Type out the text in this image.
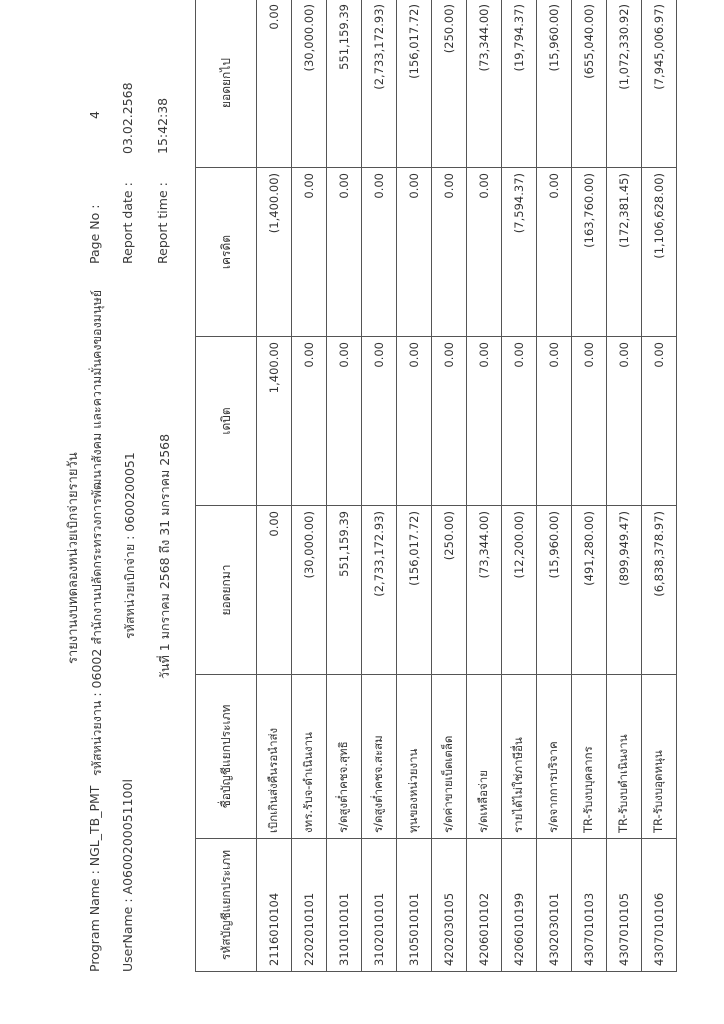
รายงานงบทดลองหน่วยเบิกจ่ายรายวัน
Program Name : NGL_TB_PMT
รหัสหน่วยงาน : 06002 สำนักงานปลัดกระทรวงการพัฒนาสังคม และความมั่นคงของมนุษย์
Page No :
4
UserName : A0600200051100l
รหัสหน่วยเบิกจ่าย : 0600200051
Report date :
03.02.2568
วันที่ 1 มกราคม 2568 ถึง 31 มกราคม 2568
Report time :
15:42:38
รหัสบัญชีแยกประเภท	ชื่อบัญชีแยกประเภท	ยอดยกมา	เดบิต	เครดิต	ยอดยกไป
2116010104	เบิกเกินส่งคืนรอนำส่ง	0.00	1,400.00	(1,400.00)	0.00
2202010101	งทร.รับจ-ดำเนินงาน	(30,000.00)	0.00	0.00	(30,000.00)
3101010101	ร/ดสูงต่ำคชจ.สุทธิ	551,159.39	0.00	0.00	551,159.39
3102010101	ร/ดสูงต่ำคชจ.สะสม	(2,733,172.93)	0.00	0.00	(2,733,172.93)
3105010101	ทุนของหน่วยงาน	(156,017.72)	0.00	0.00	(156,017.72)
4202030105	ร/ดค่าขายเบ็ดเตล็ด	(250.00)	0.00	0.00	(250.00)
4206010102	ร/ดเหลือจ่าย	(73,344.00)	0.00	0.00	(73,344.00)
4206010199	รายได้ไม่ใช่ภาษีอื่น	(12,200.00)	0.00	(7,594.37)	(19,794.37)
4302030101	ร/ดจากการบริจาค	(15,960.00)	0.00	0.00	(15,960.00)
4307010103	TR-รับงบบุคลากร	(491,280.00)	0.00	(163,760.00)	(655,040.00)
4307010105	TR-รับงบดำเนินงาน	(899,949.47)	0.00	(172,381.45)	(1,072,330.92)
4307010106	TR-รับงบอุดหนุน	(6,838,378.97)	0.00	(1,106,628.00)	(7,945,006.97)
